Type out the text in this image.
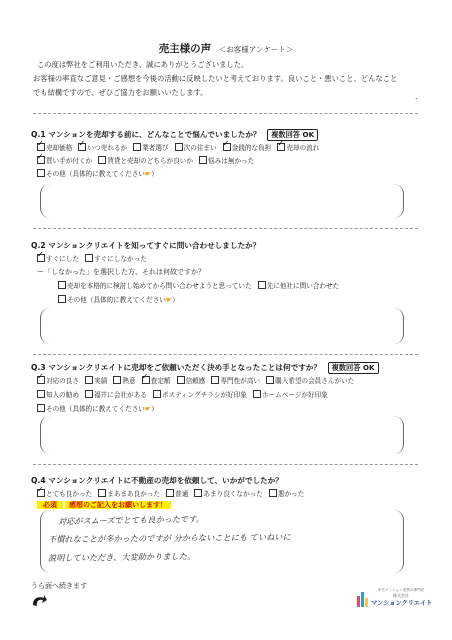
売主様の声 ＜お客様アンケート＞
この度は弊社をご利用いただき、誠にありがとうございました。
お客様の率直なご意見・ご感想を今後の活動に反映したいと考えております。良いこと・悪いこと、どんなこと
でも結構ですので、ぜひご協力をお願いいたします。	.
Q.1 マンションを売却する前に、どんなことで悩んでいましたか？ 複数回答 OK
✓売却価格 ✓ いつ売れるか 業者選び 次の住まい ✓ 金銭的な負担 ✓ 売却の流れ
✓買い手が付くか 賃貸と売却のどちらが良いか 悩みは無かった
その他（具体的に教えてください☛）
Q.2 マンションクリエイトを知ってすぐに問い合わせしましたか？
✓すぐにした すぐにしなかった
ー「しなかった」を選択した方、それは何故ですか？
売却を本格的に検討し始めてから問い合わせようと思っていた 先に他社に問い合わせた
その他（具体的に教えてください☛）
Q.3 マンションクリエイトに売却をご依頼いただく決め手となったことは何ですか？ 複数回答 OK
✓対応の良さ 実績 熱意 ✓ 査定額 信頼感 専門性が高い 購入希望の会員さんがいた
知人の勧め 福井に会社がある ポスティングチラシが好印象 ホームページが好印象
その他（具体的に教えてください☛）
Q.4 マンションクリエイトに不動産の売却を依頼して、いかがでしたか？
✓とても良かった まあまあ良かった 普通 あまり良くなかった 悪かった
必須 感想のご記入をお願いします！
対応がスムーズでとても良かったです。
不慣れなことが多かったのですが 分からないことにも ていねいに
説明していただき、大変助かりました。
うら面へ続きます	中古マンション売買の専門店
株式会社
マンションクリエイト
